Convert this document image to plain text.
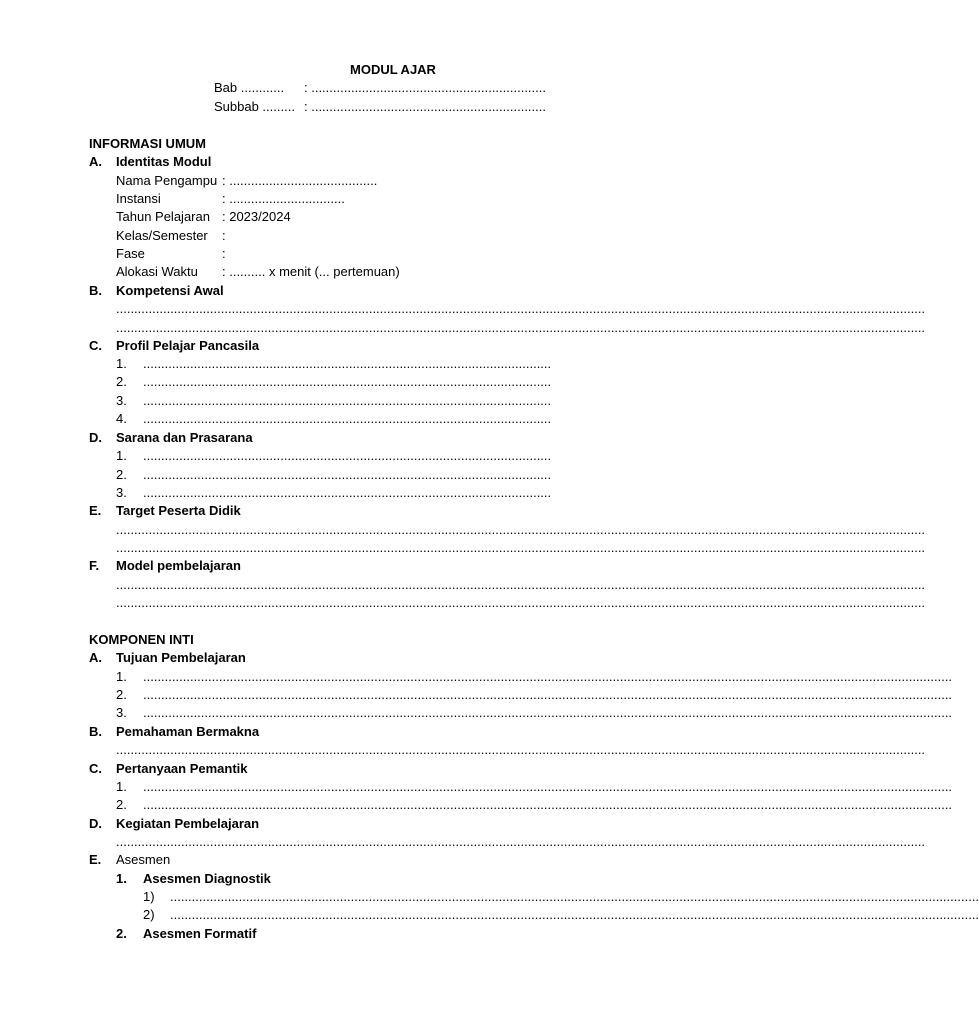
MODUL AJAR
Bab ............ : .................................................................
Subbab ......... : .................................................................
INFORMASI UMUM
A. Identitas Modul
Nama Pengampu : .........................................
Instansi	: ................................
Tahun Pelajaran : 2023/2024
Kelas/Semester :
Fase	:
Alokasi Waktu : .......... x menit (... pertemuan)
B. Kompetensi Awal
................................................................................................................................................................................................................................
................................................................................................................................................................................................................................
C. Profil Pelajar Pancasila
1. .................................................................................................................
2. .................................................................................................................
3. .................................................................................................................
4. .................................................................................................................
D. Sarana dan Prasarana
1. .................................................................................................................
2. .................................................................................................................
3. .................................................................................................................
E. Target Peserta Didik
................................................................................................................................................................................................................................
................................................................................................................................................................................................................................
F. Model pembelajaran
................................................................................................................................................................................................................................
................................................................................................................................................................................................................................
KOMPONEN INTI
A. Tujuan Pembelajaran
1. ................................................................................................................................................................................................................................
2. ................................................................................................................................................................................................................................
3. ................................................................................................................................................................................................................................
B. Pemahaman Bermakna
................................................................................................................................................................................................................................
C. Pertanyaan Pemantik
1. ................................................................................................................................................................................................................................
2. ................................................................................................................................................................................................................................
D. Kegiatan Pembelajaran
................................................................................................................................................................................................................................
E. Asesmen
1. Asesmen Diagnostik
1) ................................................................................................................................................................................................................................
2) ................................................................................................................................................................................................................................
2. Asesmen Formatif
